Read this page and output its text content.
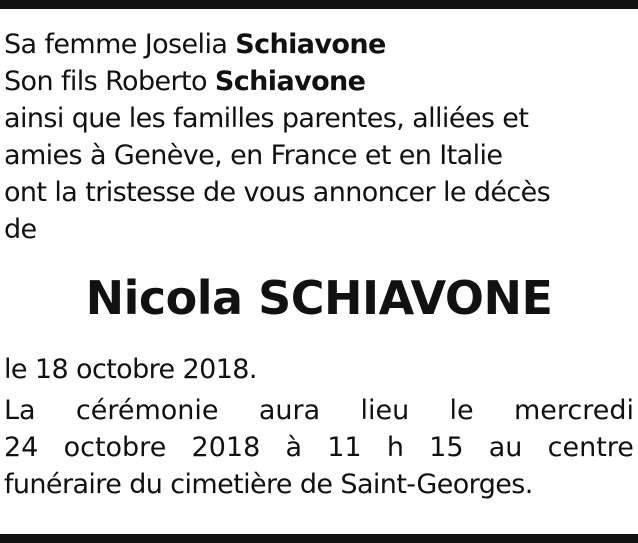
Sa femme Joselia Schiavone
Son fils Roberto Schiavone
ainsi que les familles parentes, alliées et
amies à Genève, en France et en Italie
ont la tristesse de vous annoncer le décès
de
Nicola SCHIAVONE
le 18 octobre 2018.
La cérémonie aura lieu le mercredi
24 octobre 2018 à 11 h 15 au centre
funéraire du cimetière de Saint-Georges.
